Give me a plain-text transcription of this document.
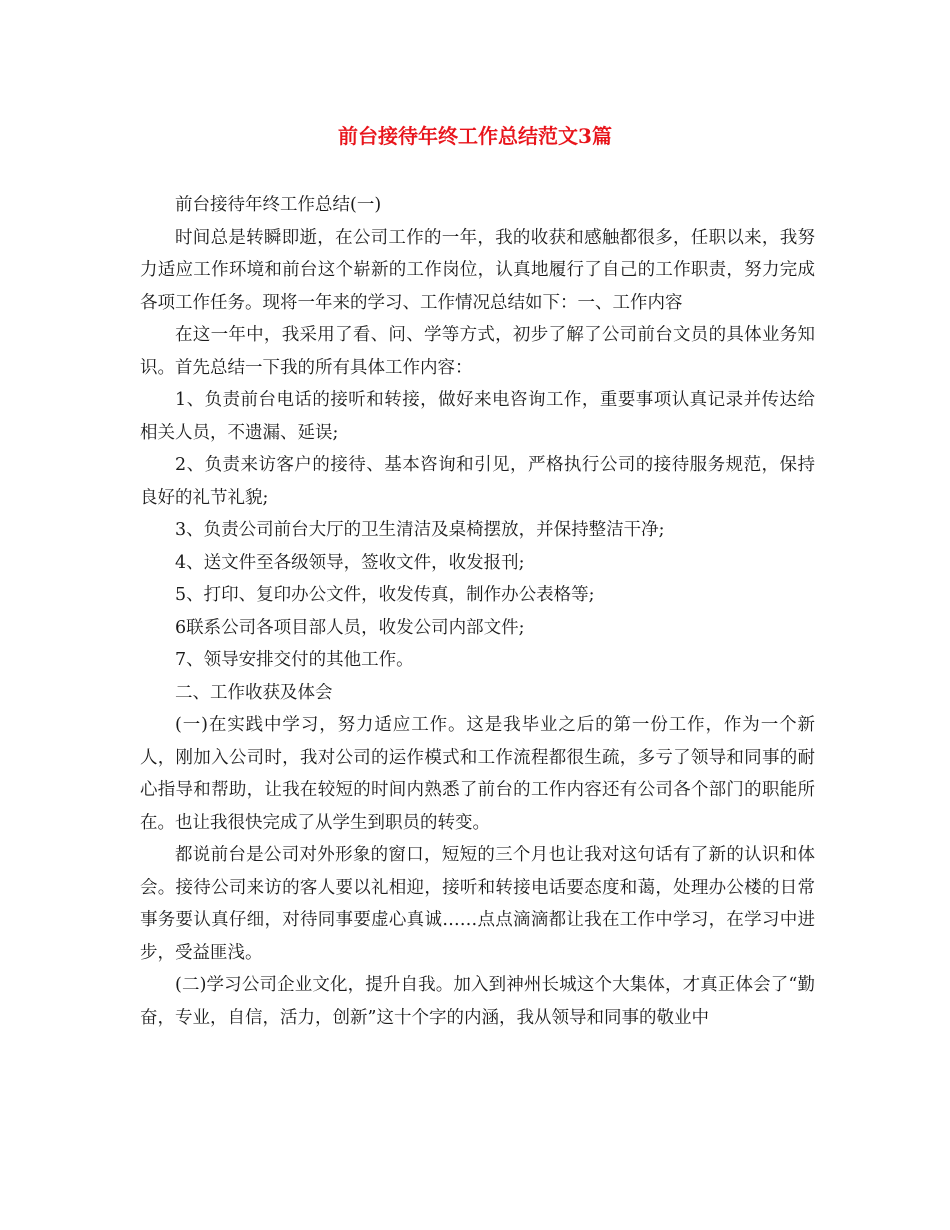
前台接待年终工作总结范文3篇

前台接待年终工作总结(一)

时间总是转瞬即逝，在公司工作的一年，我的收获和感触都很多，任职以来，我努力适应工作环境和前台这个崭新的工作岗位，认真地履行了自己的工作职责，努力完成各项工作任务。现将一年来的学习、工作情况总结如下：一、工作内容

在这一年中，我采用了看、问、学等方式，初步了解了公司前台文员的具体业务知识。首先总结一下我的所有具体工作内容：

1、负责前台电话的接听和转接，做好来电咨询工作，重要事项认真记录并传达给相关人员，不遗漏、延误;

2、负责来访客户的接待、基本咨询和引见，严格执行公司的接待服务规范，保持良好的礼节礼貌;

3、负责公司前台大厅的卫生清洁及桌椅摆放，并保持整洁干净;

4、送文件至各级领导，签收文件，收发报刊;

5、打印、复印办公文件，收发传真，制作办公表格等;

6联系公司各项目部人员，收发公司内部文件;

7、领导安排交付的其他工作。

二、工作收获及体会

(一)在实践中学习，努力适应工作。这是我毕业之后的第一份工作，作为一个新人，刚加入公司时，我对公司的运作模式和工作流程都很生疏，多亏了领导和同事的耐心指导和帮助，让我在较短的时间内熟悉了前台的工作内容还有公司各个部门的职能所在。也让我很快完成了从学生到职员的转变。

都说前台是公司对外形象的窗口，短短的三个月也让我对这句话有了新的认识和体会。接待公司来访的客人要以礼相迎，接听和转接电话要态度和蔼，处理办公楼的日常事务要认真仔细，对待同事要虚心真诚……点点滴滴都让我在工作中学习，在学习中进步，受益匪浅。

(二)学习公司企业文化，提升自我。加入到神州长城这个大集体，才真正体会了“勤奋，专业，自信，活力，创新”这十个字的内涵，我从领导和同事的敬业中
